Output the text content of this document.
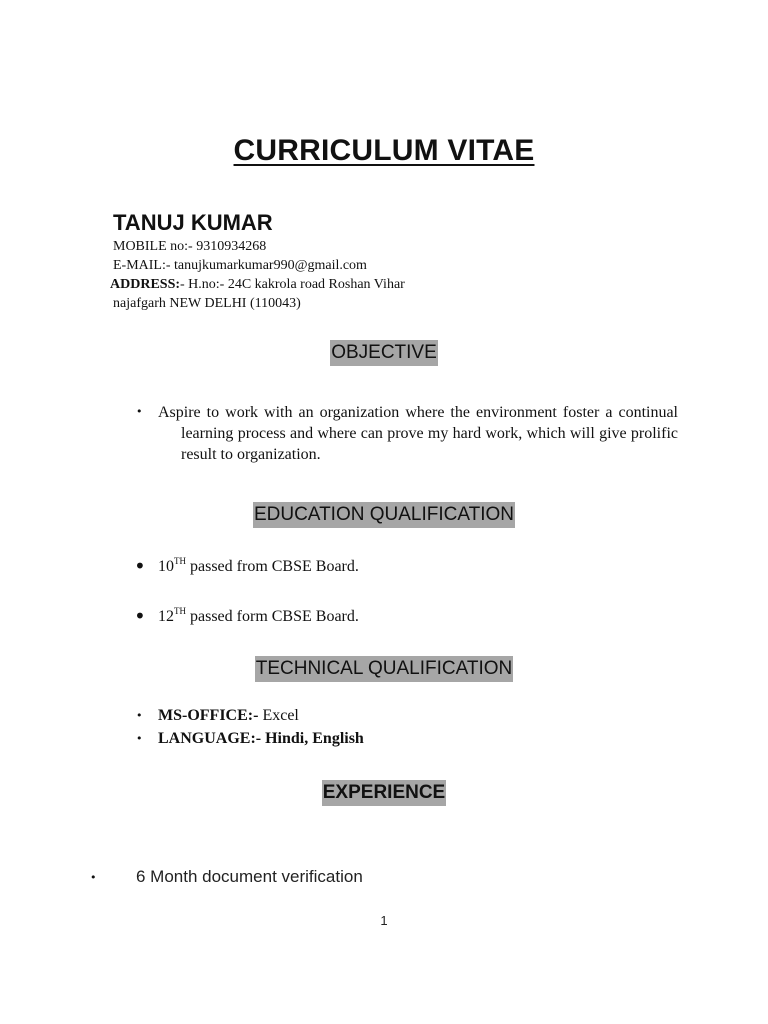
CURRICULUM VITAE
TANUJ KUMAR
MOBILE no:- 9310934268
E-MAIL:- tanujkumarkumar990@gmail.com
ADDRESS:- H.no:- 24C kakrola road Roshan Vihar
najafgarh NEW DELHI (110043)
OBJECTIVE
• Aspire to work with an organization where the environment foster a continual learning process and where can prove my hard work, which will give prolific result to organization.
EDUCATION QUALIFICATION
• 10TH passed from CBSE Board.
• 12TH passed form CBSE Board.
TECHNICAL QUALIFICATION
• MS-OFFICE:- Excel
• LANGUAGE:- Hindi, English
EXPERIENCE
• 6 Month document verification
1
